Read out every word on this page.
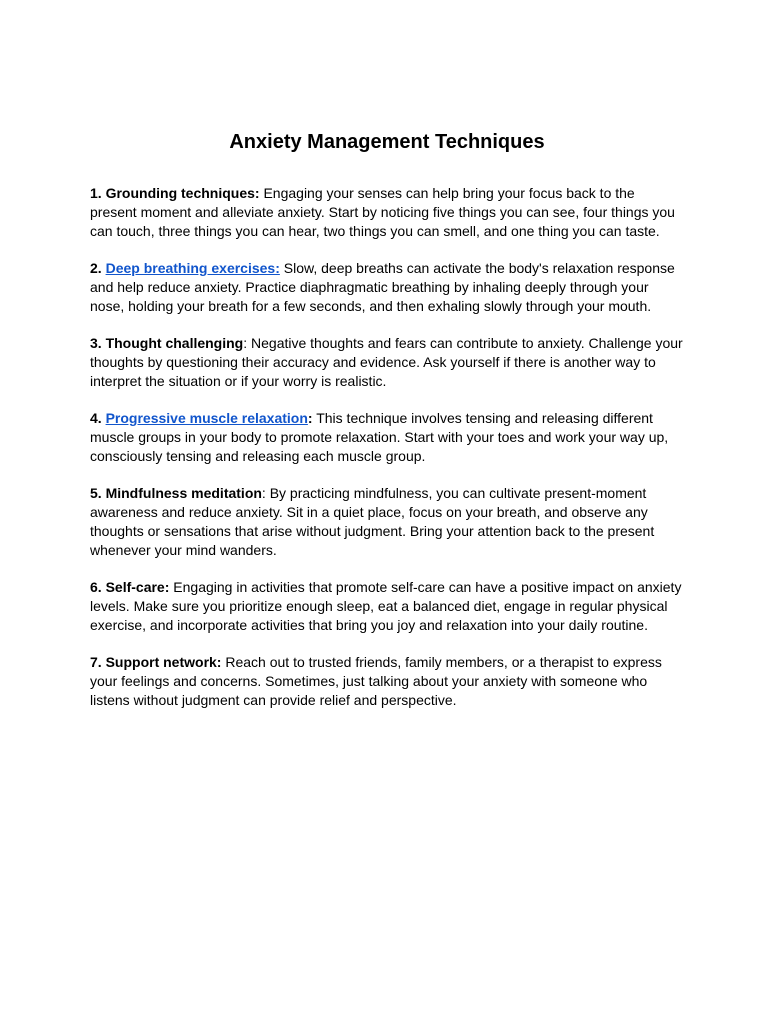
Anxiety Management Techniques

1. Grounding techniques: Engaging your senses can help bring your focus back to the present moment and alleviate anxiety. Start by noticing five things you can see, four things you can touch, three things you can hear, two things you can smell, and one thing you can taste.

2. Deep breathing exercises: Slow, deep breaths can activate the body's relaxation response and help reduce anxiety. Practice diaphragmatic breathing by inhaling deeply through your nose, holding your breath for a few seconds, and then exhaling slowly through your mouth.

3. Thought challenging: Negative thoughts and fears can contribute to anxiety. Challenge your thoughts by questioning their accuracy and evidence. Ask yourself if there is another way to interpret the situation or if your worry is realistic.

4. Progressive muscle relaxation: This technique involves tensing and releasing different muscle groups in your body to promote relaxation. Start with your toes and work your way up, consciously tensing and releasing each muscle group.

5. Mindfulness meditation: By practicing mindfulness, you can cultivate present-moment awareness and reduce anxiety. Sit in a quiet place, focus on your breath, and observe any thoughts or sensations that arise without judgment. Bring your attention back to the present whenever your mind wanders.

6. Self-care: Engaging in activities that promote self-care can have a positive impact on anxiety levels. Make sure you prioritize enough sleep, eat a balanced diet, engage in regular physical exercise, and incorporate activities that bring you joy and relaxation into your daily routine.

7. Support network: Reach out to trusted friends, family members, or a therapist to express your feelings and concerns. Sometimes, just talking about your anxiety with someone who listens without judgment can provide relief and perspective.
